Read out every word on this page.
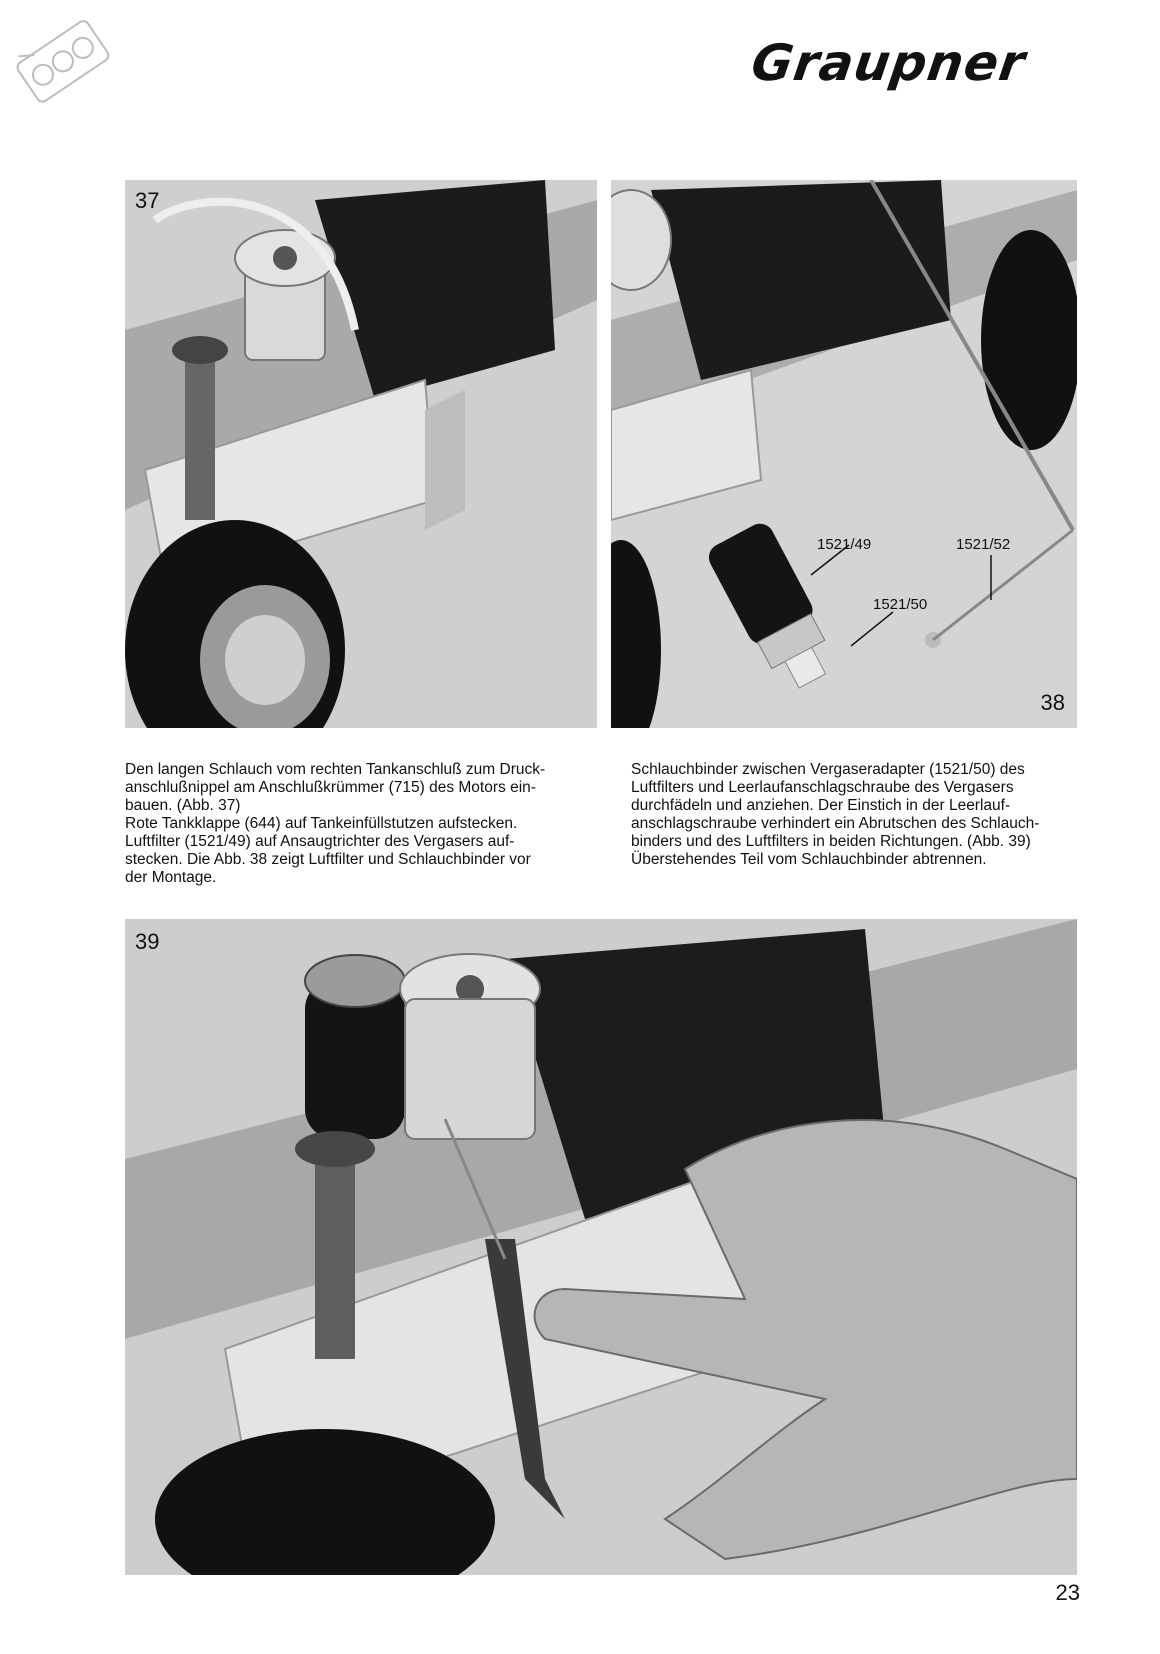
Graupner
37
1521/49	1521/52
1521/50
38
Den langen Schlauch vom rechten Tankanschluß zum Druck-
anschlußnippel am Anschlußkrümmer (715) des Motors ein-
bauen. (Abb. 37)
Rote Tankklappe (644) auf Tankeinfüllstutzen aufstecken.
Luftfilter (1521/49) auf Ansaugtrichter des Vergasers auf-
stecken. Die Abb. 38 zeigt Luftfilter und Schlauchbinder vor
der Montage.
Schlauchbinder zwischen Vergaseradapter (1521/50) des
Luftfilters und Leerlaufanschlagschraube des Vergasers
durchfädeln und anziehen. Der Einstich in der Leerlauf-
anschlagschraube verhindert ein Abrutschen des Schlauch-
binders und des Luftfilters in beiden Richtungen. (Abb. 39)
Überstehendes Teil vom Schlauchbinder abtrennen.
39
23
